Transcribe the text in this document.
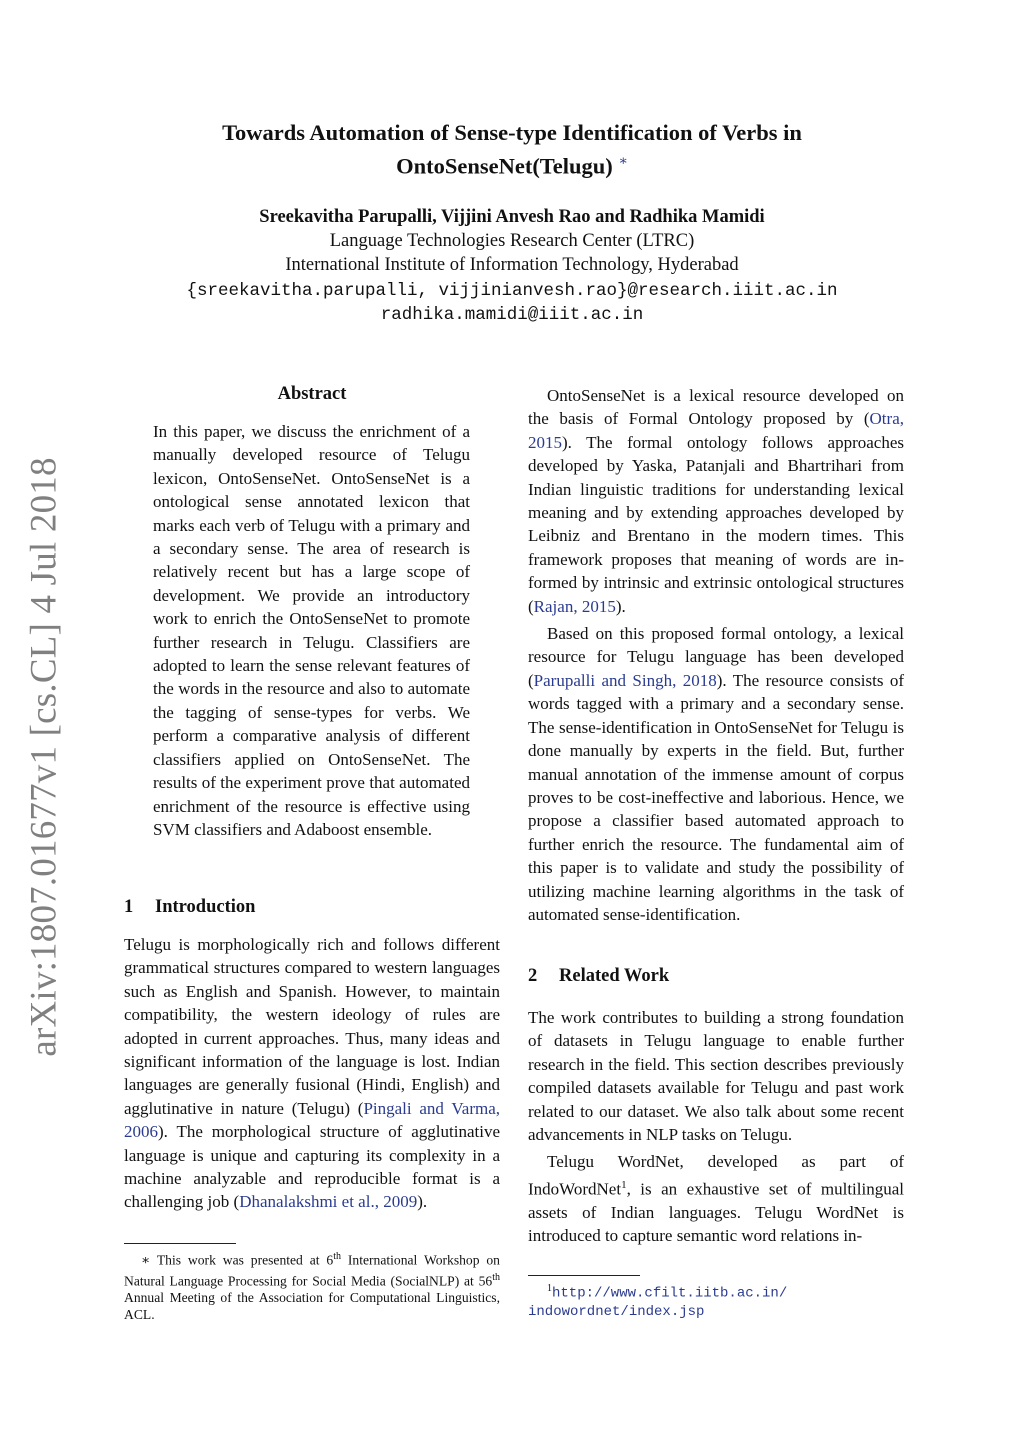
arXiv:1807.01677v1 [cs.CL] 4 Jul 2018
Towards Automation of Sense-type Identification of Verbs in
OntoSenseNet(Telugu) ∗
Sreekavitha Parupalli, Vijjini Anvesh Rao and Radhika Mamidi
Language Technologies Research Center (LTRC)
International Institute of Information Technology, Hyderabad
{sreekavitha.parupalli, vijjinianvesh.rao}@research.iiit.ac.in
radhika.mamidi@iiit.ac.in
Abstract

In this paper, we discuss the enrichment of a manually developed resource of Telugu lexicon, OntoSenseNet. OntoSenseNet is a ontological sense annotated lexicon that marks each verb of Telugu with a primary and a secondary sense. The area of research is relatively recent but has a large scope of development. We provide an introductory work to enrich the OntoSenseNet to promote further research in Telugu. Classifiers are adopted to learn the sense relevant features of the words in the resource and also to automate the tagging of sense-types for verbs. We perform a comparative analysis of different classifiers applied on OntoSenseNet. The results of the experiment prove that automated enrichment of the resource is effective using SVM classifiers and Adaboost ensemble.

1 Introduction

Telugu is morphologically rich and follows different grammatical structures compared to western languages such as English and Spanish. However, to maintain compatibility, the western ideology of rules are adopted in current approaches. Thus, many ideas and significant information of the language is lost. Indian languages are generally fusional (Hindi, English) and agglutinative in nature (Telugu) (Pingali and Varma, 2006). The morphological structure of agglutinative language is unique and capturing its complexity in a machine analyzable and reproducible format is a challenging job (Dhanalakshmi et al., 2009).

∗ This work was presented at 6th International Workshop on Natural Language Processing for Social Media (SocialNLP) at 56th Annual Meeting of the Association for Computational Linguistics, ACL.

OntoSenseNet is a lexical resource developed on the basis of Formal Ontology proposed by (Otra, 2015). The formal ontology follows approaches developed by Yaska, Patanjali and Bhartrihari from Indian linguistic traditions for understanding lexical meaning and by extending approaches developed by Leibniz and Brentano in the modern times. This framework proposes that meaning of words are in-formed by intrinsic and extrinsic ontological structures (Rajan, 2015).

Based on this proposed formal ontology, a lexical resource for Telugu language has been developed (Parupalli and Singh, 2018). The resource consists of words tagged with a primary and a secondary sense. The sense-identification in OntoSenseNet for Telugu is done manually by experts in the field. But, further manual annotation of the immense amount of corpus proves to be cost-ineffective and laborious. Hence, we propose a classifier based automated approach to further enrich the resource. The fundamental aim of this paper is to validate and study the possibility of utilizing machine learning algorithms in the task of automated sense-identification.

2 Related Work

The work contributes to building a strong foundation of datasets in Telugu language to enable further research in the field. This section describes previously compiled datasets available for Telugu and past work related to our dataset. We also talk about some recent advancements in NLP tasks on Telugu.

Telugu WordNet, developed as part of IndoWordNet$^1$, is an exhaustive set of multilingual assets of Indian languages. Telugu WordNet is introduced to capture semantic word relations in-

$^1$http://www.cfilt.iitb.ac.in/
indowordnet/index.jsp
